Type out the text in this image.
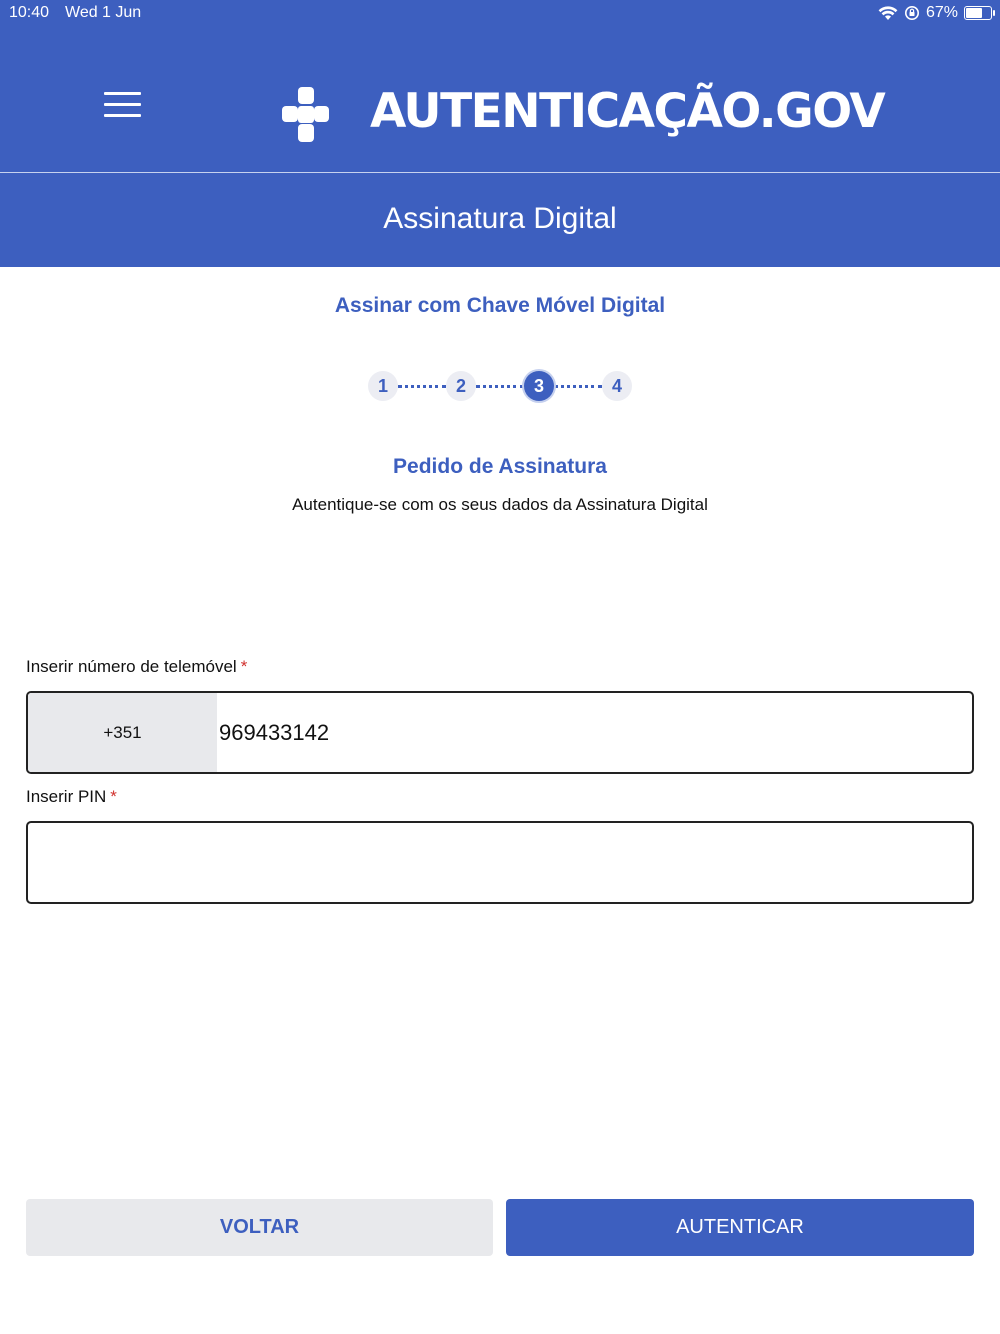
10:40 Wed 1 Jun	67%
AUTENTICAÇÃO.GOV
Assinatura Digital
Assinar com Chave Móvel Digital
1	2	3	4
Pedido de Assinatura
Autentique-se com os seus dados da Assinatura Digital
Inserir número de telemóvel *
+351
969433142
Inserir PIN *
VOLTAR	AUTENTICAR
